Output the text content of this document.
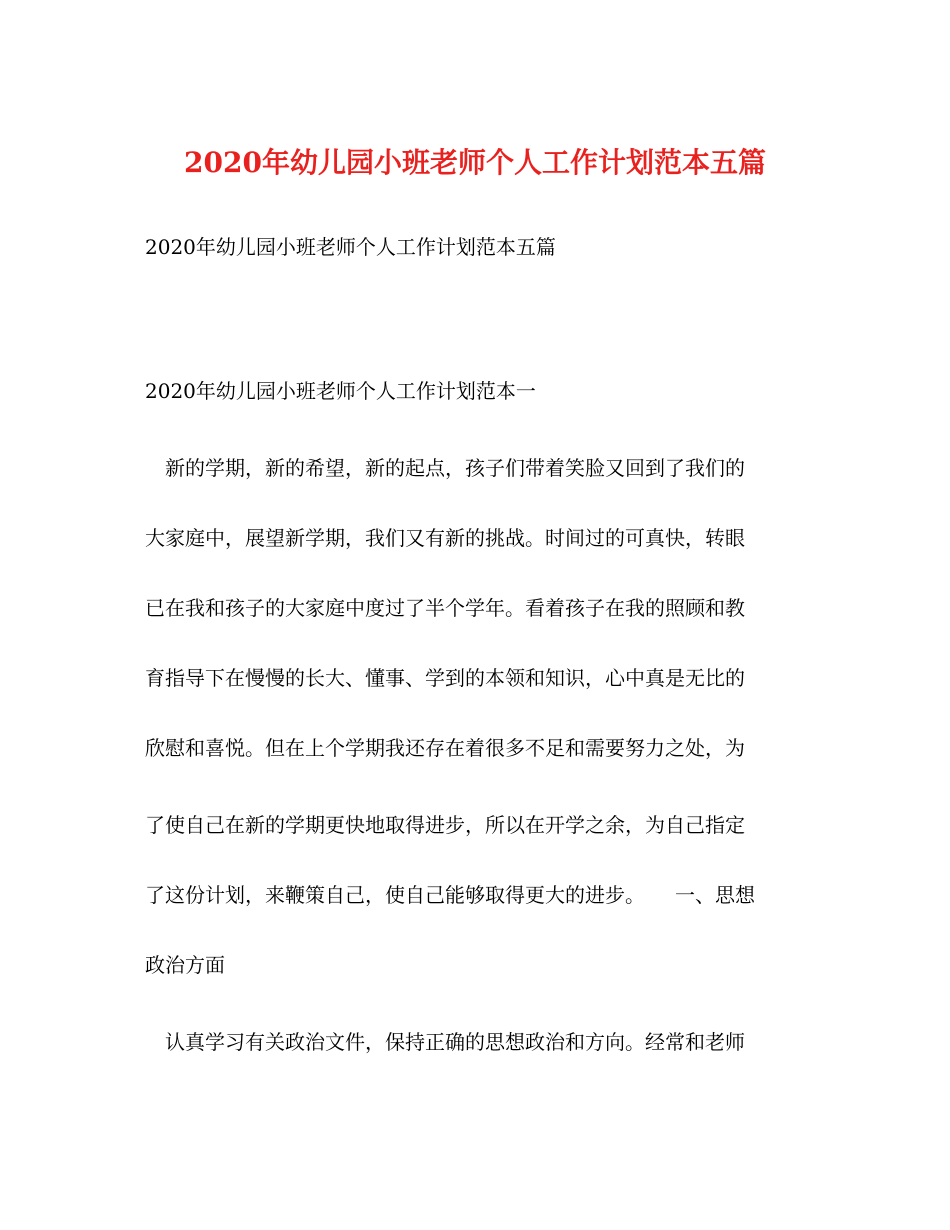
2020年幼儿园小班老师个人工作计划范本五篇

2020年幼儿园小班老师个人工作计划范本五篇

2020年幼儿园小班老师个人工作计划范本一

　新的学期，新的希望，新的起点，孩子们带着笑脸又回到了我们的

大家庭中，展望新学期，我们又有新的挑战。时间过的可真快，转眼

已在我和孩子的大家庭中度过了半个学年。看着孩子在我的照顾和教

育指导下在慢慢的长大、懂事、学到的本领和知识，心中真是无比的

欣慰和喜悦。但在上个学期我还存在着很多不足和需要努力之处，为

了使自己在新的学期更快地取得进步，所以在开学之余，为自己指定

了这份计划，来鞭策自己，使自己能够取得更大的进步。　　一、思想

政治方面

　认真学习有关政治文件，保持正确的思想政治和方向。经常和老师
